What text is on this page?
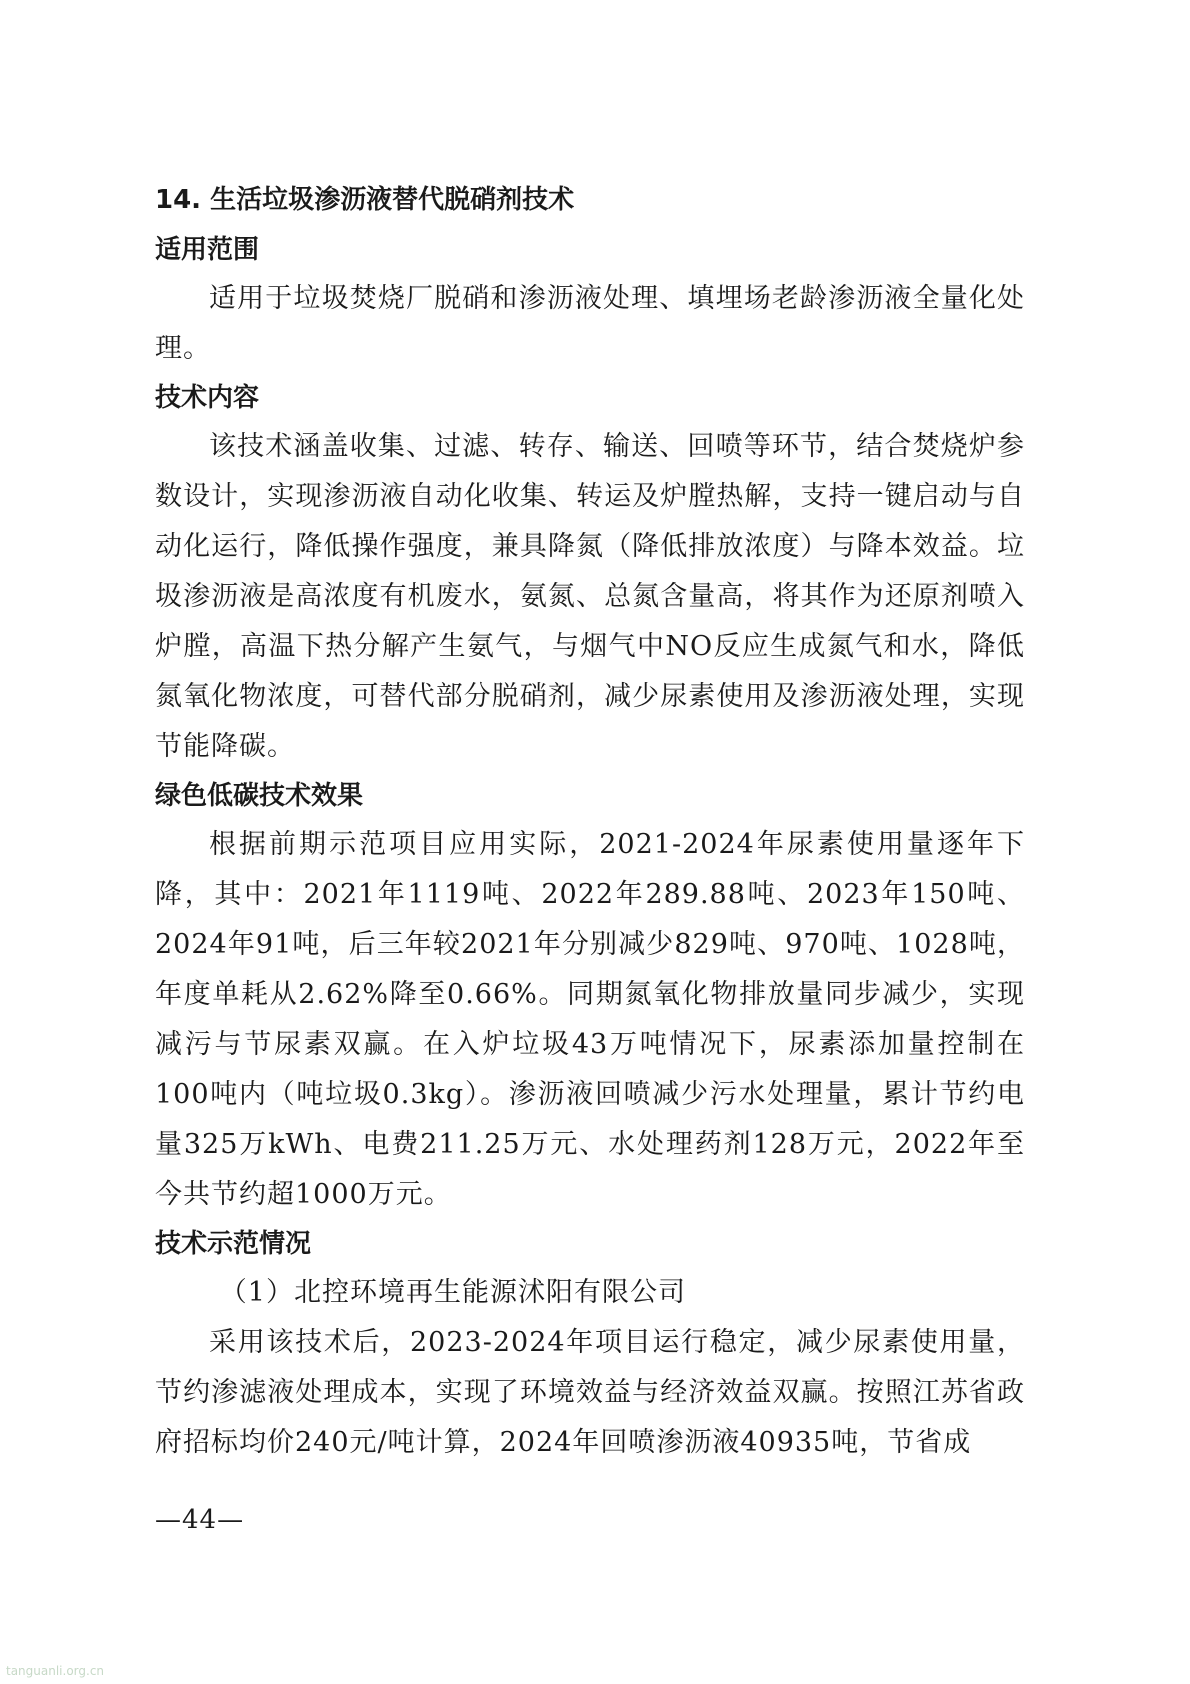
14. 生活垃圾渗沥液替代脱硝剂技术
适用范围

适用于垃圾焚烧厂脱硝和渗沥液处理、填埋场老龄渗沥液全量化处理。

技术内容

该技术涵盖收集、过滤、转存、输送、回喷等环节，结合焚烧炉参数设计，实现渗沥液自动化收集、转运及炉膛热解，支持一键启动与自动化运行，降低操作强度，兼具降氮（降低排放浓度）与降本效益。垃圾渗沥液是高浓度有机废水，氨氮、总氮含量高，将其作为还原剂喷入炉膛，高温下热分解产生氨气，与烟气中NO反应生成氮气和水，降低氮氧化物浓度，可替代部分脱硝剂，减少尿素使用及渗沥液处理，实现节能降碳。

绿色低碳技术效果

根据前期示范项目应用实际，2021-2024年尿素使用量逐年下降，其中：2021年1119吨、2022年289.88吨、2023年150吨、2024年91吨，后三年较2021年分别减少829吨、970吨、1028吨，年度单耗从2.62%降至0.66%。同期氮氧化物排放量同步减少，实现减污与节尿素双赢。在入炉垃圾43万吨情况下，尿素添加量控制在100吨内（吨垃圾0.3kg）。渗沥液回喷减少污水处理量，累计节约电量325万kWh、电费211.25万元、水处理药剂128万元，2022年至今共节约超1000万元。

技术示范情况

（1）北控环境再生能源沭阳有限公司

采用该技术后，2023-2024年项目运行稳定，减少尿素使用量，节约渗滤液处理成本，实现了环境效益与经济效益双赢。按照江苏省政府招标均价240元/吨计算，2024年回喷渗沥液40935吨，节省成

—44—
tanguanli.org.cn
